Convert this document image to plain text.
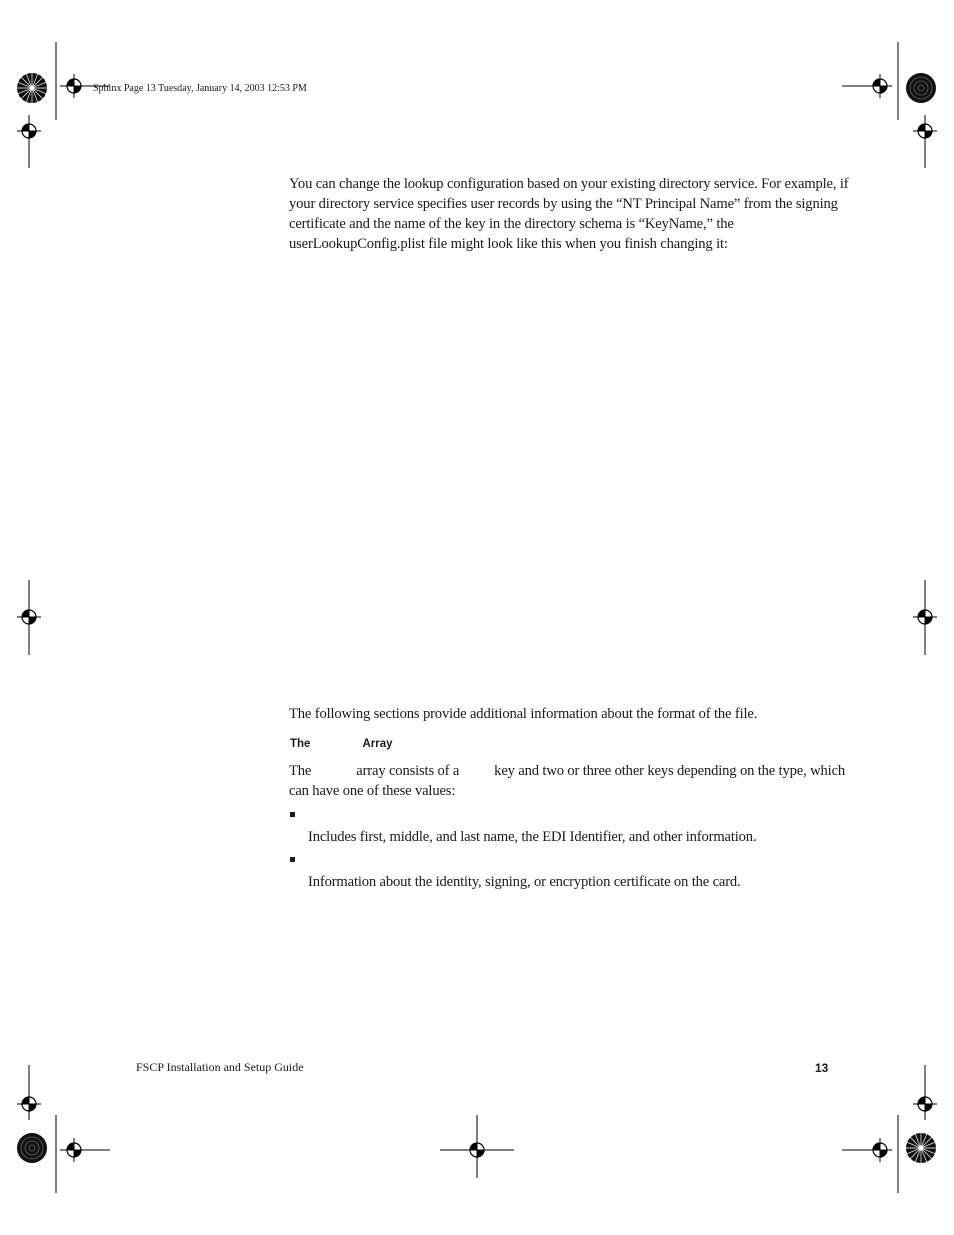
Sphinx Page 13 Tuesday, January 14, 2003 12:53 PM

You can change the lookup configuration based on your existing directory service. For example, if your directory service specifies user records by using the “NT Principal Name” from the signing certificate and the name of the key in the directory schema is “KeyName,” the userLookupConfig.plist file might look like this when you finish changing it:

The following sections provide additional information about the format of the file.

The	Array

The	array consists of a key and two or three other keys depending on the type, which can have one of these values:

Includes first, middle, and last name, the EDI Identifier, and other information.
Information about the identity, signing, or encryption certificate on the card.
FSCP Installation and Setup Guide	13
